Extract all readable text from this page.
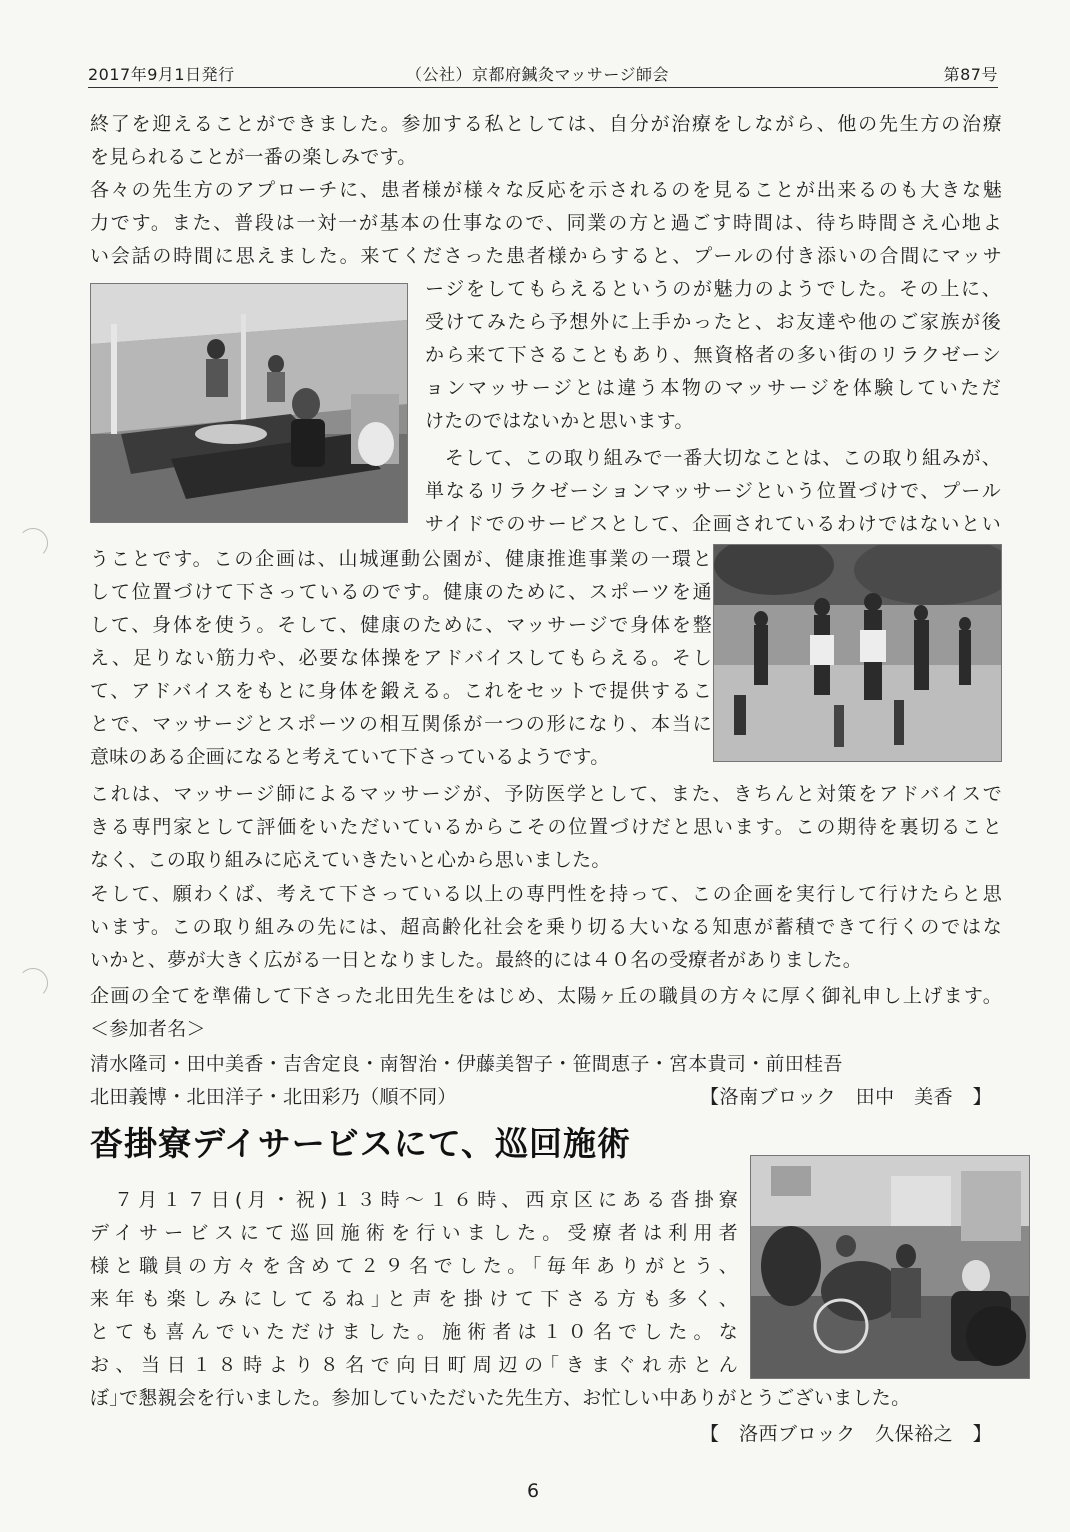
2017年9月1日発行	（公社）京都府鍼灸マッサージ師会	第87号
終了を迎えることができました。参加する私としては、自分が治療をしながら、他の先生方の治療
を見られることが一番の楽しみです。
各々の先生方のアプローチに、患者様が様々な反応を示されるのを見ることが出来るのも大きな魅
力です。また、普段は一対一が基本の仕事なので、同業の方と過ごす時間は、待ち時間さえ心地よ
い会話の時間に思えました。来てくださった患者様からすると、プールの付き添いの合間にマッサ
ージをしてもらえるというのが魅力のようでした。その上に、
受けてみたら予想外に上手かったと、お友達や他のご家族が後
から来て下さることもあり、無資格者の多い街のリラクゼーシ
ョンマッサージとは違う本物のマッサージを体験していただ
けたのではないかと思います。
　そして、この取り組みで一番大切なことは、この取り組みが、
単なるリラクゼーションマッサージという位置づけで、プール
サイドでのサービスとして、企画されているわけではないとい
うことです。この企画は、山城運動公園が、健康推進事業の一環と
して位置づけて下さっているのです。健康のために、スポーツを通
して、身体を使う。そして、健康のために、マッサージで身体を整
え、足りない筋力や、必要な体操をアドバイスしてもらえる。そし
て、アドバイスをもとに身体を鍛える。これをセットで提供するこ
とで、マッサージとスポーツの相互関係が一つの形になり、本当に
意味のある企画になると考えていて下さっているようです。
これは、マッサージ師によるマッサージが、予防医学として、また、きちんと対策をアドバイスで
きる専門家として評価をいただいているからこその位置づけだと思います。この期待を裏切ること
なく、この取り組みに応えていきたいと心から思いました。
そして、願わくば、考えて下さっている以上の専門性を持って、この企画を実行して行けたらと思
います。この取り組みの先には、超高齢化社会を乗り切る大いなる知恵が蓄積できて行くのではな
いかと、夢が大きく広がる一日となりました。最終的には４０名の受療者がありました。
企画の全てを準備して下さった北田先生をはじめ、太陽ヶ丘の職員の方々に厚く御礼申し上げます。
＜参加者名＞
清水隆司・田中美香・吉舎定良・南智治・伊藤美智子・笹間恵子・宮本貴司・前田桂吾
北田義博・北田洋子・北田彩乃（順不同）	【洛南ブロック　田中　美香　】
沓掛寮デイサービスにて、巡回施術
　７月１７日(月・祝)１３時～１６時、西京区にある沓掛寮
デイサービスにて巡回施術を行いました。受療者は利用者
様と職員の方々を含めて２９名でした。｢毎年ありがとう、
来年も楽しみにしてるね｣と声を掛けて下さる方も多く、
とても喜んでいただけました。施術者は１０名でした。な
お、当日１８時より８名で向日町周辺の｢きまぐれ赤とん
ぼ｣で懇親会を行いました。参加していただいた先生方、お忙しい中ありがとうございました。
【　洛西ブロック　久保裕之　】
6
